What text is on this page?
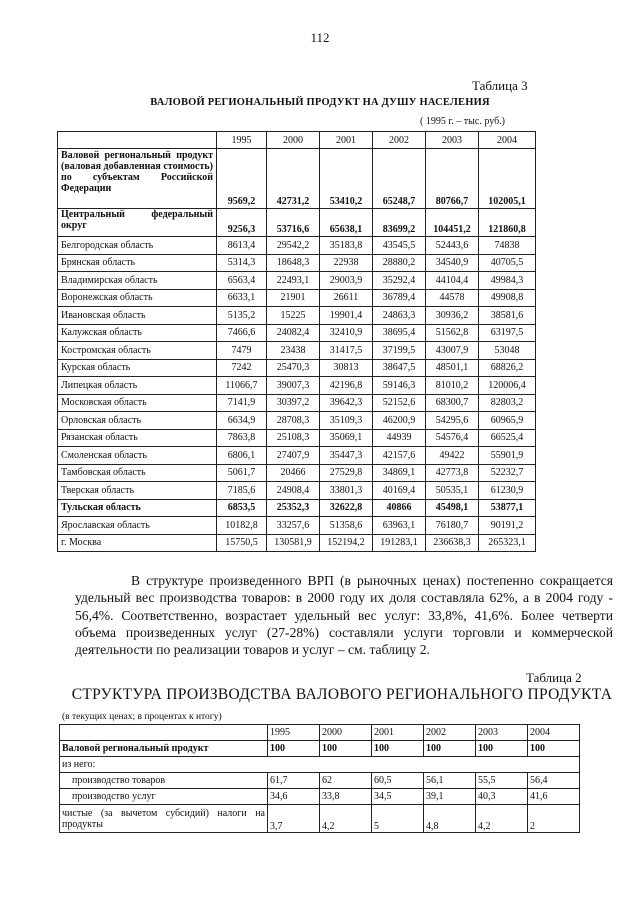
112
Таблица 3
ВАЛОВОЙ РЕГИОНАЛЬНЫЙ ПРОДУКТ НА ДУШУ НАСЕЛЕНИЯ
( 1995 г. – тыс. руб.)
	1995	2000	2001	2002	2003	2004
Валовой региональный продукт (валовая добавленная стоимость) по субъектам Российской Федерации	9569,2	42731,2	53410,2	65248,7	80766,7	102005,1
Центральный федеральный округ	9256,3	53716,6	65638,1	83699,2	104451,2	121860,8
Белгородская область	8613,4	29542,2	35183,8	43545,5	52443,6	74838
Брянская область	5314,3	18648,3	22938	28880,2	34540,9	40705,5
Владимирская область	6563,4	22493,1	29003,9	35292,4	44104,4	49984,3
Воронежская область	6633,1	21901	26611	36789,4	44578	49908,8
Ивановская область	5135,2	15225	19901,4	24863,3	30936,2	38581,6
Калужская область	7466,6	24082,4	32410,9	38695,4	51562,8	63197,5
Костромская область	7479	23438	31417,5	37199,5	43007,9	53048
Курская область	7242	25470,3	30813	38647,5	48501,1	68826,2
Липецкая область	11066,7	39007,3	42196,8	59146,3	81010,2	120006,4
Московская область	7141,9	30397,2	39642,3	52152,6	68300,7	82803,2
Орловская область	6634,9	28708,3	35109,3	46200,9	54295,6	60965,9
Рязанская область	7863,8	25108,3	35069,1	44939	54576,4	66525,4
Смоленская область	6806,1	27407,9	35447,3	42157,6	49422	55901,9
Тамбовская область	5061,7	20466	27529,8	34869,1	42773,8	52232,7
Тверская область	7185,6	24908,4	33801,3	40169,4	50535,1	61230,9
Тульская область	6853,5	25352,3	32622,8	40866	45498,1	53877,1
Ярославская область	10182,8	33257,6	51358,6	63963,1	76180,7	90191,2
г. Москва	15750,5	130581,9	152194,2	191283,1	236638,3	265323,1
В структуре произведенного ВРП (в рыночных ценах) постепенно сокращается удельный вес производства товаров: в 2000 году их доля составляла 62%, а в 2004 году - 56,4%. Соответственно, возрастает удельный вес услуг: 33,8%, 41,6%. Более четверти объема произведенных услуг (27-28%) составляли услуги торговли и коммерческой деятельности по реализации товаров и услуг – см. таблицу 2.
Таблица 2
СТРУКТУРА ПРОИЗВОДСТВА ВАЛОВОГО РЕГИОНАЛЬНОГО ПРОДУКТА
(в текущих ценах; в процентах к итогу)
	1995	2000	2001	2002	2003	2004
Валовой региональный продукт	100	100	100	100	100	100
из него:						
производство товаров	61,7	62	60,5	56,1	55,5	56,4
производство услуг	34,6	33,8	34,5	39,1	40,3	41,6
чистые (за вычетом субсидий) налоги на продукты	3,7	4,2	5	4,8	4,2	2
